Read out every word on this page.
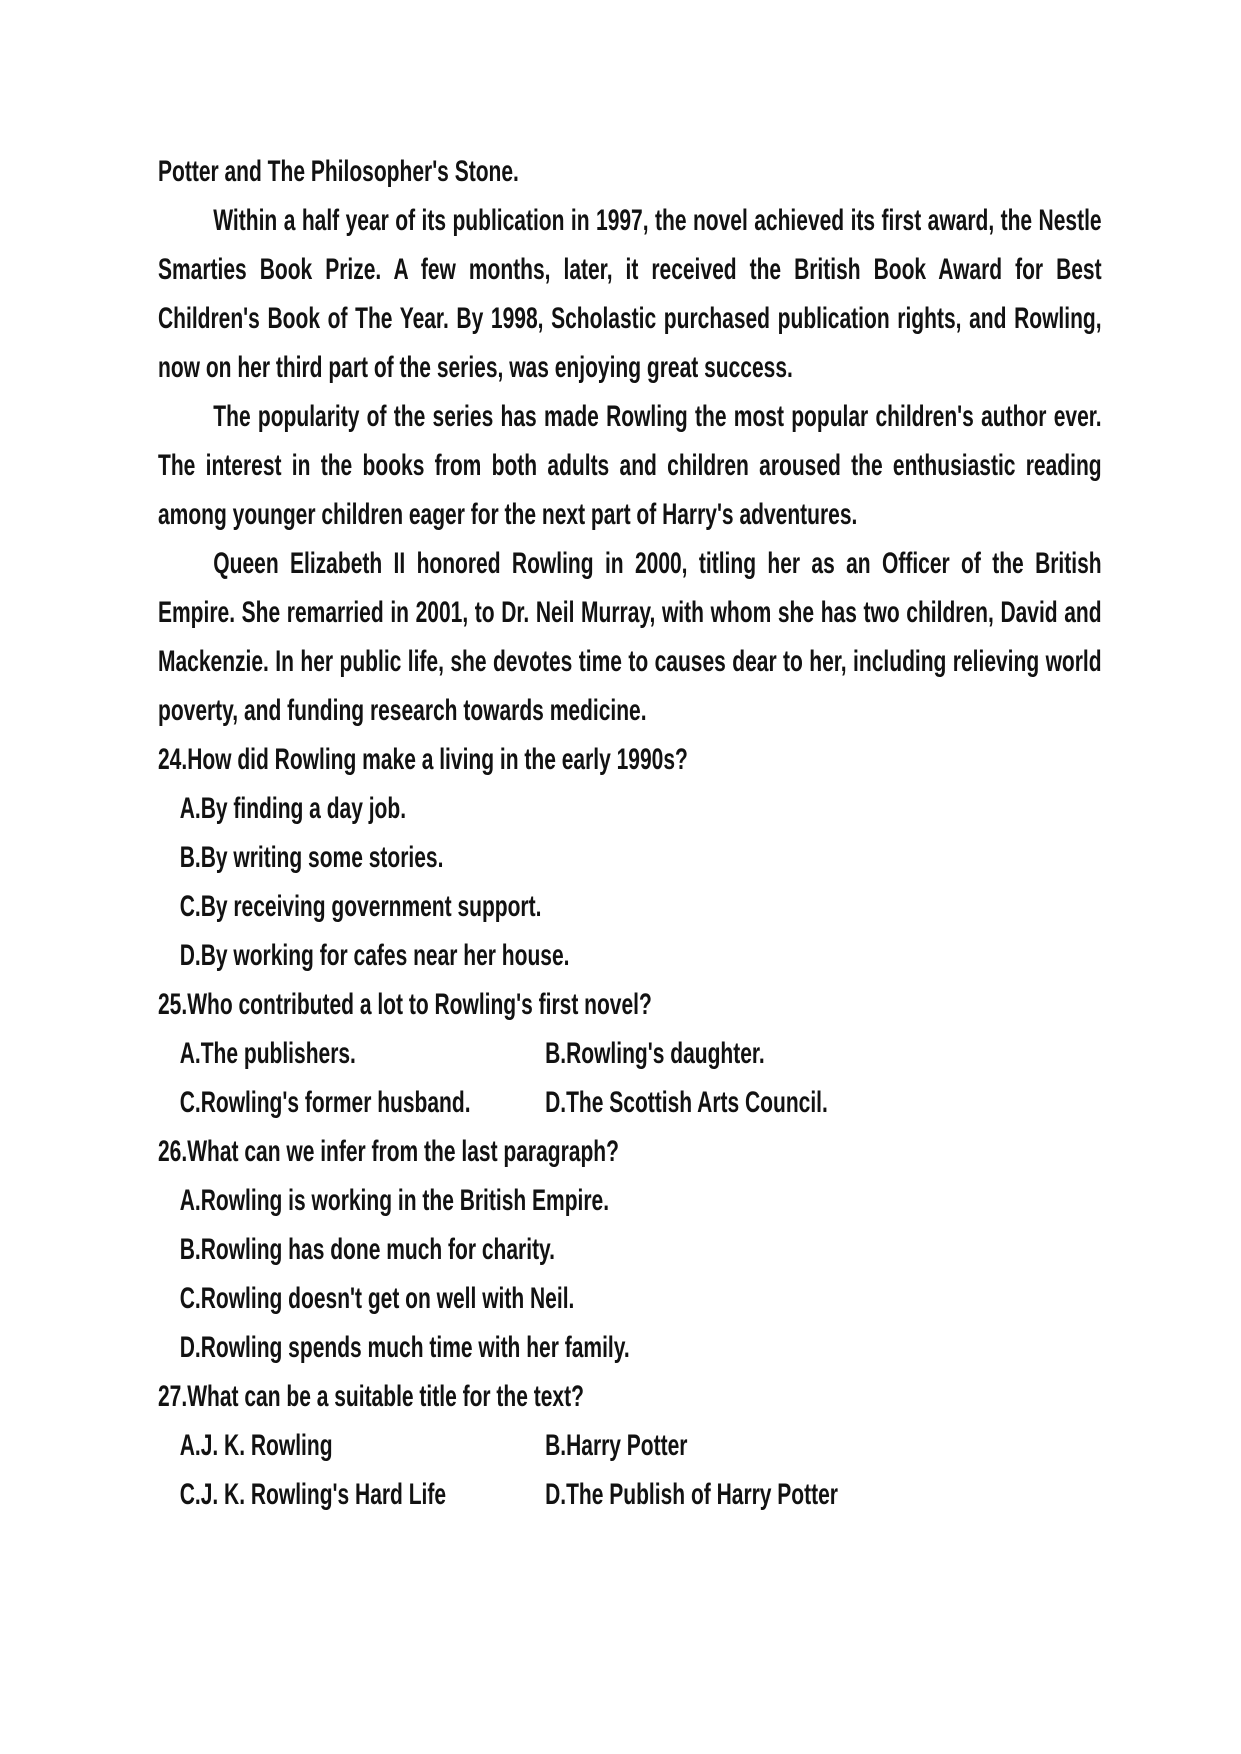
Potter and The Philosopher's Stone.

Within a half year of its publication in 1997, the novel achieved its first award, the Nestle Smarties Book Prize. A few months, later, it received the British Book Award for Best Children's Book of The Year. By 1998, Scholastic purchased publication rights, and Rowling, now on her third part of the series, was enjoying great success.

The popularity of the series has made Rowling the most popular children's author ever. The interest in the books from both adults and children aroused the enthusiastic reading among younger children eager for the next part of Harry's adventures.

Queen Elizabeth II honored Rowling in 2000, titling her as an Officer of the British Empire. She remarried in 2001, to Dr. Neil Murray, with whom she has two children, David and Mackenzie. In her public life, she devotes time to causes dear to her, including relieving world poverty, and funding research towards medicine.

24.How did Rowling make a living in the early 1990s?

A.By finding a day job.

B.By writing some stories.

C.By receiving government support.

D.By working for cafes near her house.

25.Who contributed a lot to Rowling's first novel?

A.The publishers.	B.Rowling's daughter.
C.Rowling's former husband.	D.The Scottish Arts Council.

26.What can we infer from the last paragraph?

A.Rowling is working in the British Empire.

B.Rowling has done much for charity.

C.Rowling doesn't get on well with Neil.

D.Rowling spends much time with her family.

27.What can be a suitable title for the text?

A.J. K. Rowling	B.Harry Potter
C.J. K. Rowling's Hard Life	D.The Publish of Harry Potter
